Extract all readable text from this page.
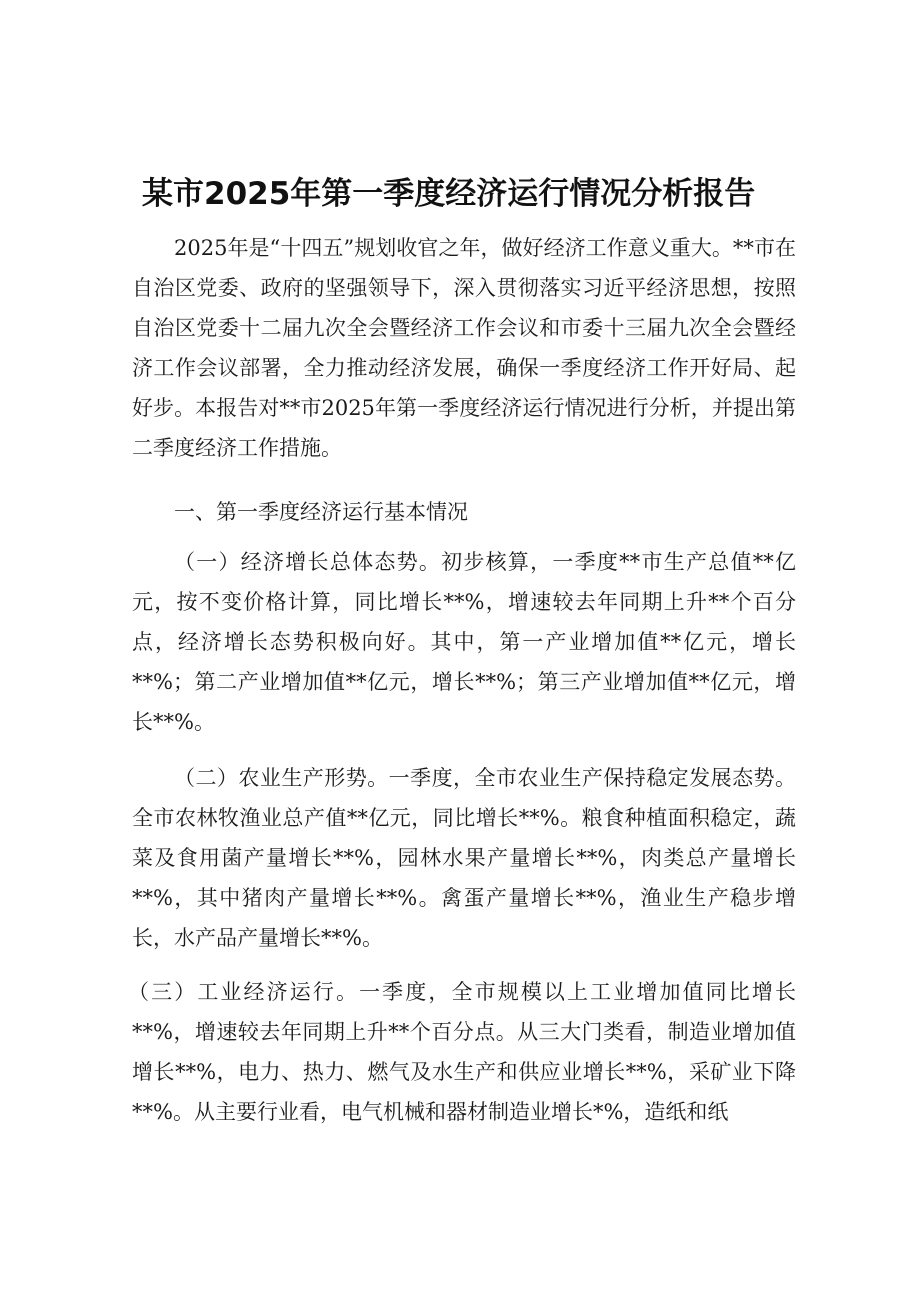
某市2025年第一季度经济运行情况分析报告

2025年是“十四五”规划收官之年，做好经济工作意义重大。**市在自治区党委、政府的坚强领导下，深入贯彻落实习近平经济思想，按照自治区党委十二届九次全会暨经济工作会议和市委十三届九次全会暨经济工作会议部署，全力推动经济发展，确保一季度经济工作开好局、起好步。本报告对**市2025年第一季度经济运行情况进行分析，并提出第二季度经济工作措施。

一、第一季度经济运行基本情况

（一）经济增长总体态势。初步核算，一季度**市生产总值**亿元，按不变价格计算，同比增长**%，增速较去年同期上升**个百分点，经济增长态势积极向好。其中，第一产业增加值**亿元，增长**%；第二产业增加值**亿元，增长**%；第三产业增加值**亿元，增长**%。

（二）农业生产形势。一季度，全市农业生产保持稳定发展态势。全市农林牧渔业总产值**亿元，同比增长**%。粮食种植面积稳定，蔬菜及食用菌产量增长**%，园林水果产量增长**%，肉类总产量增长**%，其中猪肉产量增长**%。禽蛋产量增长**%，渔业生产稳步增长，水产品产量增长**%。

（三）工业经济运行。一季度，全市规模以上工业增加值同比增长**%，增速较去年同期上升**个百分点。从三大门类看，制造业增加值增长**%，电力、热力、燃气及水生产和供应业增长**%，采矿业下降**%。从主要行业看，电气机械和器材制造业增长*%，造纸和纸
